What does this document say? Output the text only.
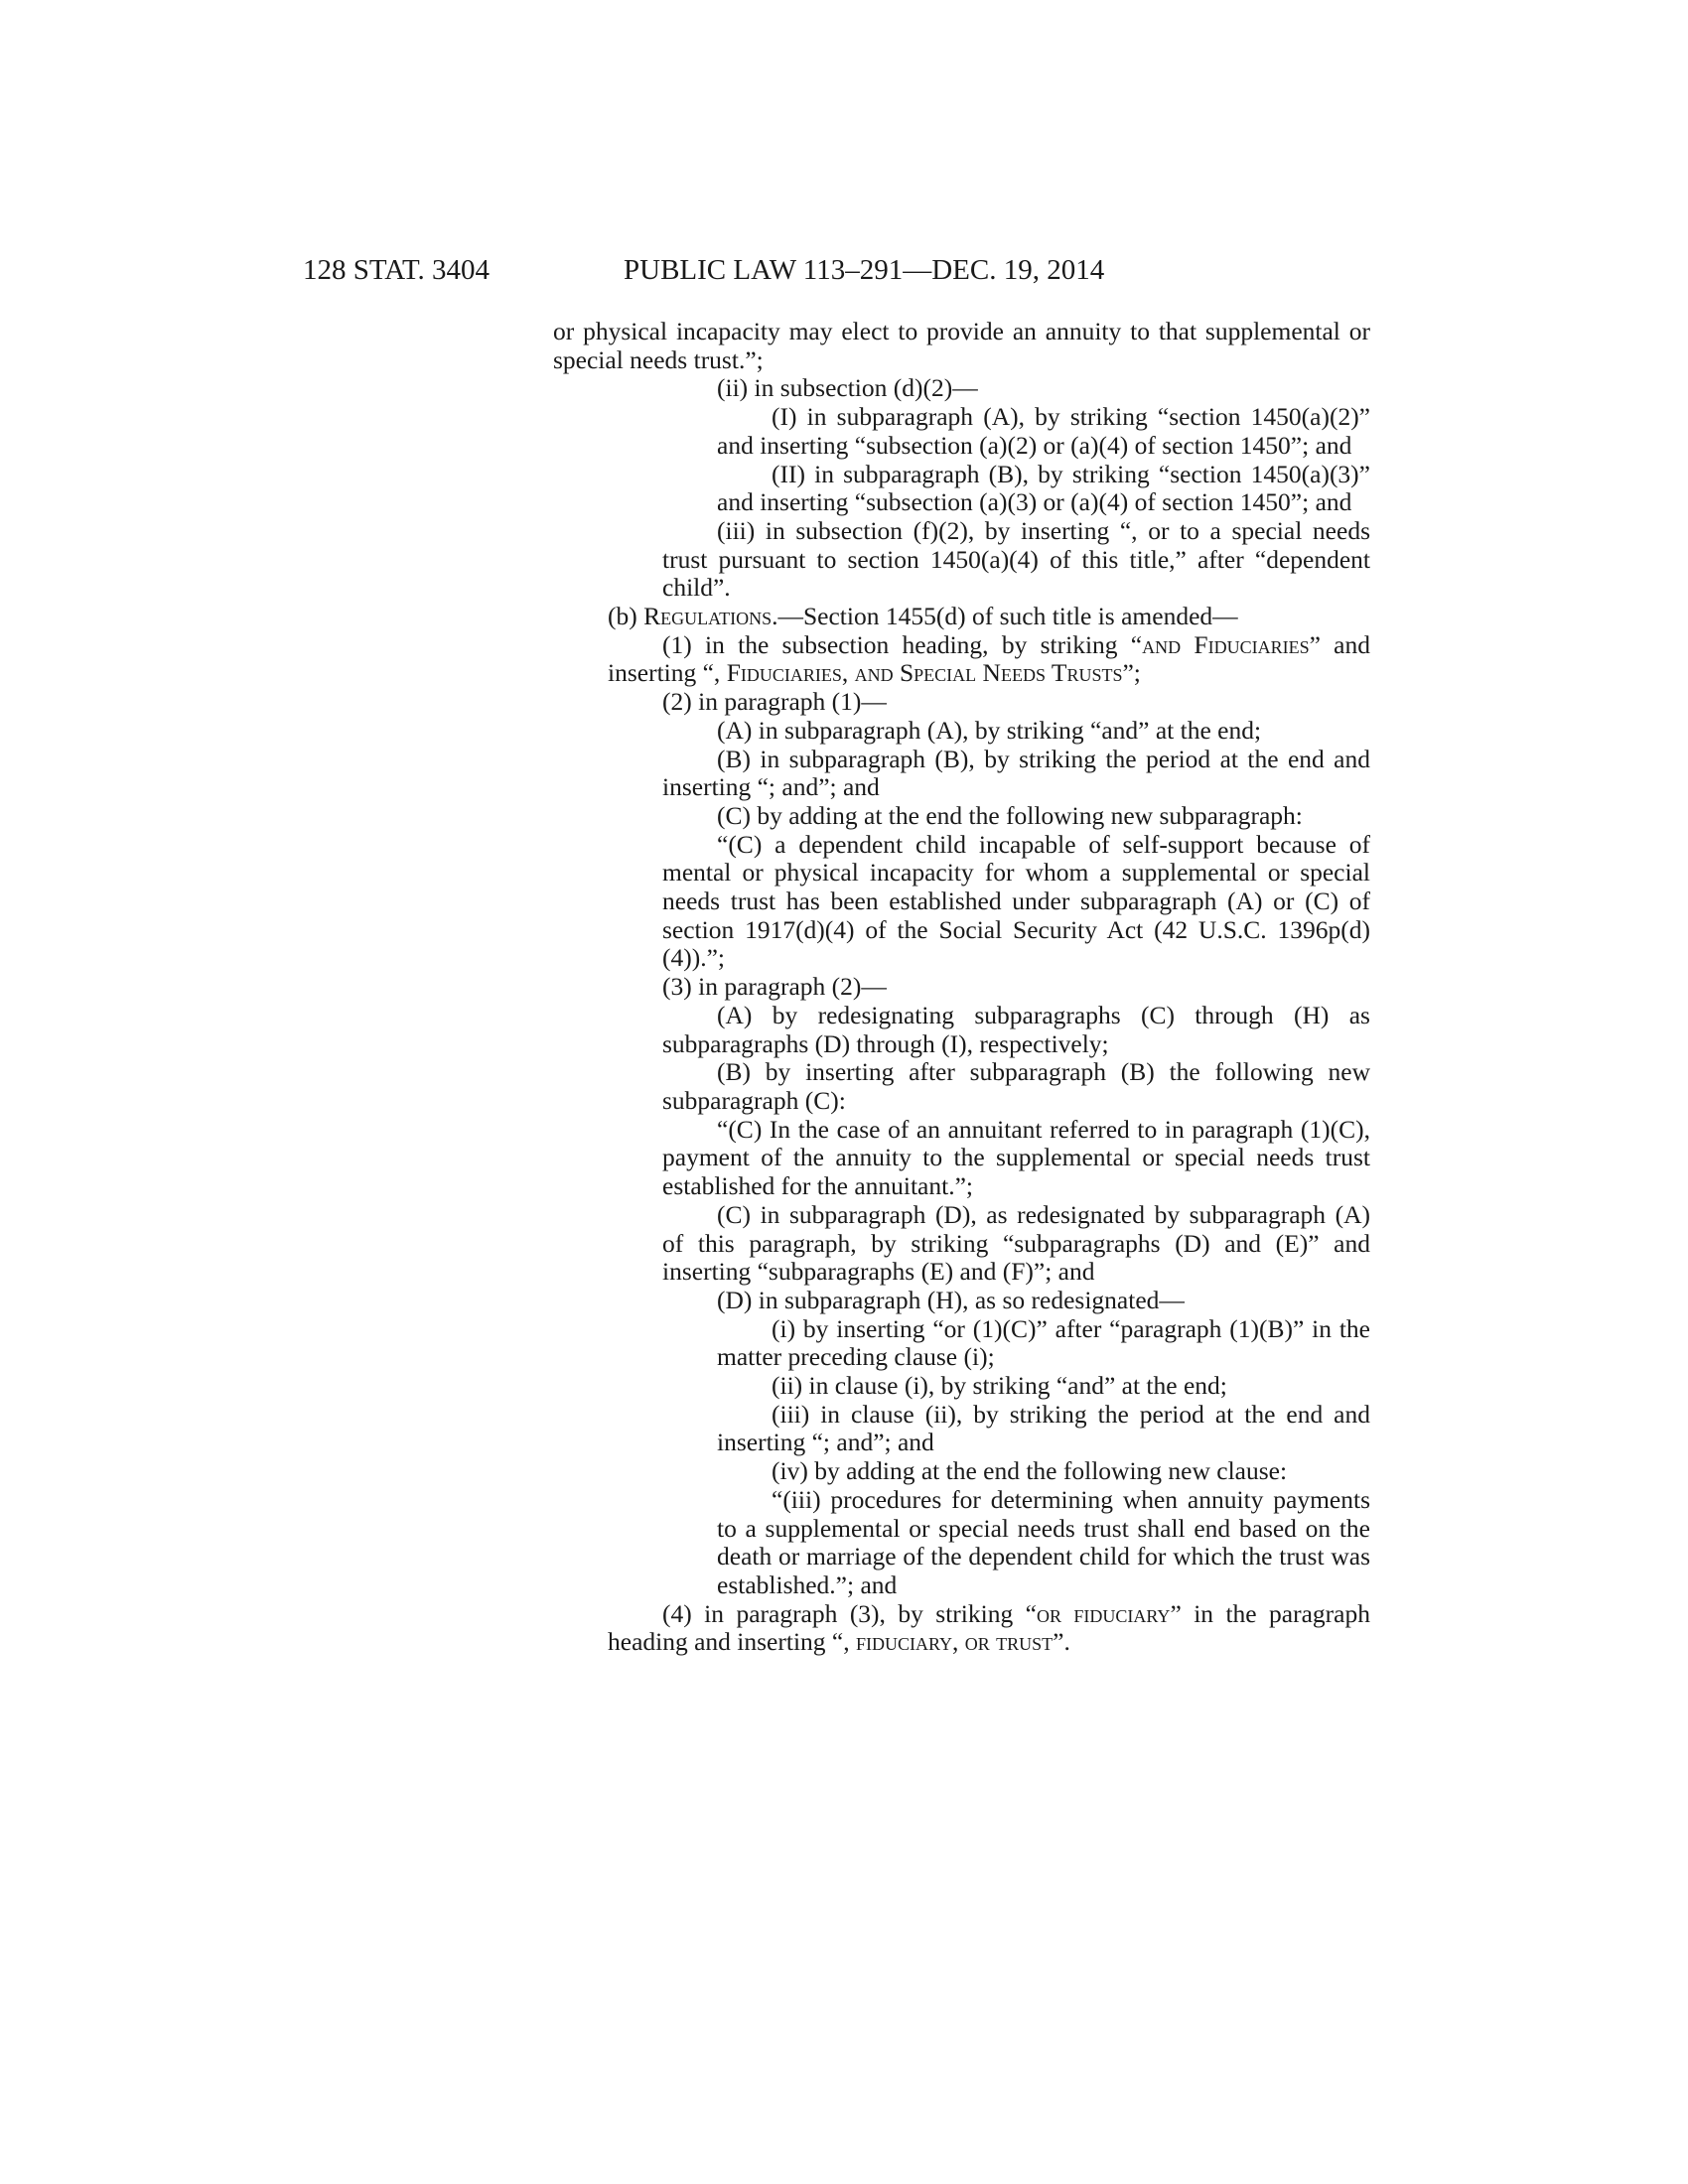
128 STAT. 3404	PUBLIC LAW 113–291—DEC. 19, 2014

or physical incapacity may elect to provide an annuity to that supplemental or special needs trust.”;

(ii) in subsection (d)(2)—

(I) in subparagraph (A), by striking “section 1450(a)(2)” and inserting “subsection (a)(2) or (a)(4) of section 1450”; and

(II) in subparagraph (B), by striking “section 1450(a)(3)” and inserting “subsection (a)(3) or (a)(4) of section 1450”; and

(iii) in subsection (f)(2), by inserting “, or to a special needs trust pursuant to section 1450(a)(4) of this title,” after “dependent child”.

(b) Regulations.—Section 1455(d) of such title is amended—

(1) in the subsection heading, by striking “and Fiduciaries” and inserting “, Fiduciaries, and Special Needs Trusts”;

(2) in paragraph (1)—

(A) in subparagraph (A), by striking “and” at the end;

(B) in subparagraph (B), by striking the period at the end and inserting “; and”; and

(C) by adding at the end the following new subparagraph:

“(C) a dependent child incapable of self-support because of mental or physical incapacity for whom a supplemental or special needs trust has been established under subparagraph (A) or (C) of section 1917(d)(4) of the Social Security Act (42 U.S.C. 1396p(d)(4)).”;

(3) in paragraph (2)—

(A) by redesignating subparagraphs (C) through (H) as subparagraphs (D) through (I), respectively;

(B) by inserting after subparagraph (B) the following new subparagraph (C):

“(C) In the case of an annuitant referred to in paragraph (1)(C), payment of the annuity to the supplemental or special needs trust established for the annuitant.”;

(C) in subparagraph (D), as redesignated by subparagraph (A) of this paragraph, by striking “subparagraphs (D) and (E)” and inserting “subparagraphs (E) and (F)”; and

(D) in subparagraph (H), as so redesignated—

(i) by inserting “or (1)(C)” after “paragraph (1)(B)” in the matter preceding clause (i);

(ii) in clause (i), by striking “and” at the end;

(iii) in clause (ii), by striking the period at the end and inserting “; and”; and

(iv) by adding at the end the following new clause:

“(iii) procedures for determining when annuity payments to a supplemental or special needs trust shall end based on the death or marriage of the dependent child for which the trust was established.”; and

(4) in paragraph (3), by striking “or fiduciary” in the paragraph heading and inserting “, fiduciary, or trust”.
